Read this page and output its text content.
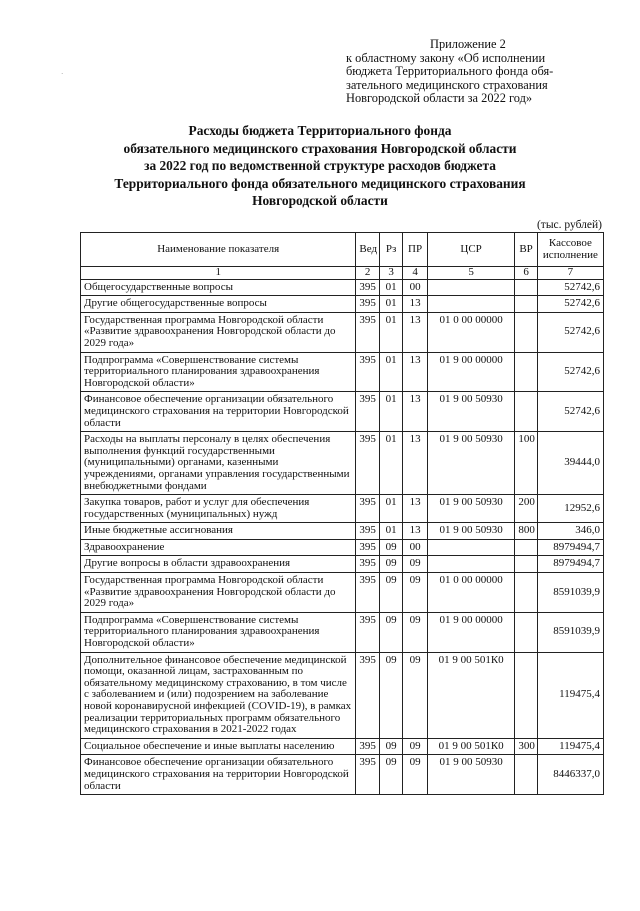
·
Приложение 2
к областному закону «Об исполнении
бюджета Территориального фонда обя-
зательного медицинского страхования
Новгородской области за 2022 год»
Расходы бюджета Территориального фонда
обязательного медицинского страхования Новгородской области
за 2022 год по ведомственной структуре расходов бюджета
Территориального фонда обязательного медицинского страхования
Новгородской области
(тыс. рублей)
Наименование показателя	Вед	Рз	ПР	ЦСР	ВР	Кассовое исполнение
1	2	3	4	5	6	7
Общегосударственные вопросы	395	01	00			52742,6
Другие общегосударственные вопросы	395	01	13			52742,6
Государственная программа Новгородской области «Развитие здравоохранения Новгородской области до 2029 года»	395	01	13	01 0 00 00000		52742,6
Подпрограмма «Совершенствование системы территориального планирования здравоохранения Новгородской области»	395	01	13	01 9 00 00000		52742,6
Финансовое обеспечение организации обязательного медицинского страхования на территории Новгородской области	395	01	13	01 9 00 50930		52742,6
Расходы на выплаты персоналу в целях обеспечения выполнения функций государственными (муниципальными) органами, казенными учреждениями, органами управления государственными внебюджетными фондами	395	01	13	01 9 00 50930	100	39444,0
Закупка товаров, работ и услуг для обеспечения государственных (муниципальных) нужд	395	01	13	01 9 00 50930	200	12952,6
Иные бюджетные ассигнования	395	01	13	01 9 00 50930	800	346,0
Здравоохранение	395	09	00			8979494,7
Другие вопросы в области здравоохранения	395	09	09			8979494,7
Государственная программа Новгородской области «Развитие здравоохранения Новгородской области до 2029 года»	395	09	09	01 0 00 00000		8591039,9
Подпрограмма «Совершенствование системы территориального планирования здравоохранения Новгородской области»	395	09	09	01 9 00 00000		8591039,9
Дополнительное финансовое обеспечение медицинской помощи, оказанной лицам, застрахованным по обязательному медицинскому страхованию, в том числе с заболеванием и (или) подозрением на заболевание новой коронавирусной инфекцией (COVID-19), в рамках реализации территориальных программ обязательного медицинского страхования в 2021-2022 годах	395	09	09	01 9 00 501К0		119475,4
Социальное обеспечение и иные выплаты населению	395	09	09	01 9 00 501К0	300	119475,4
Финансовое обеспечение организации обязательного медицинского страхования на территории Новгородской области	395	09	09	01 9 00 50930		8446337,0
